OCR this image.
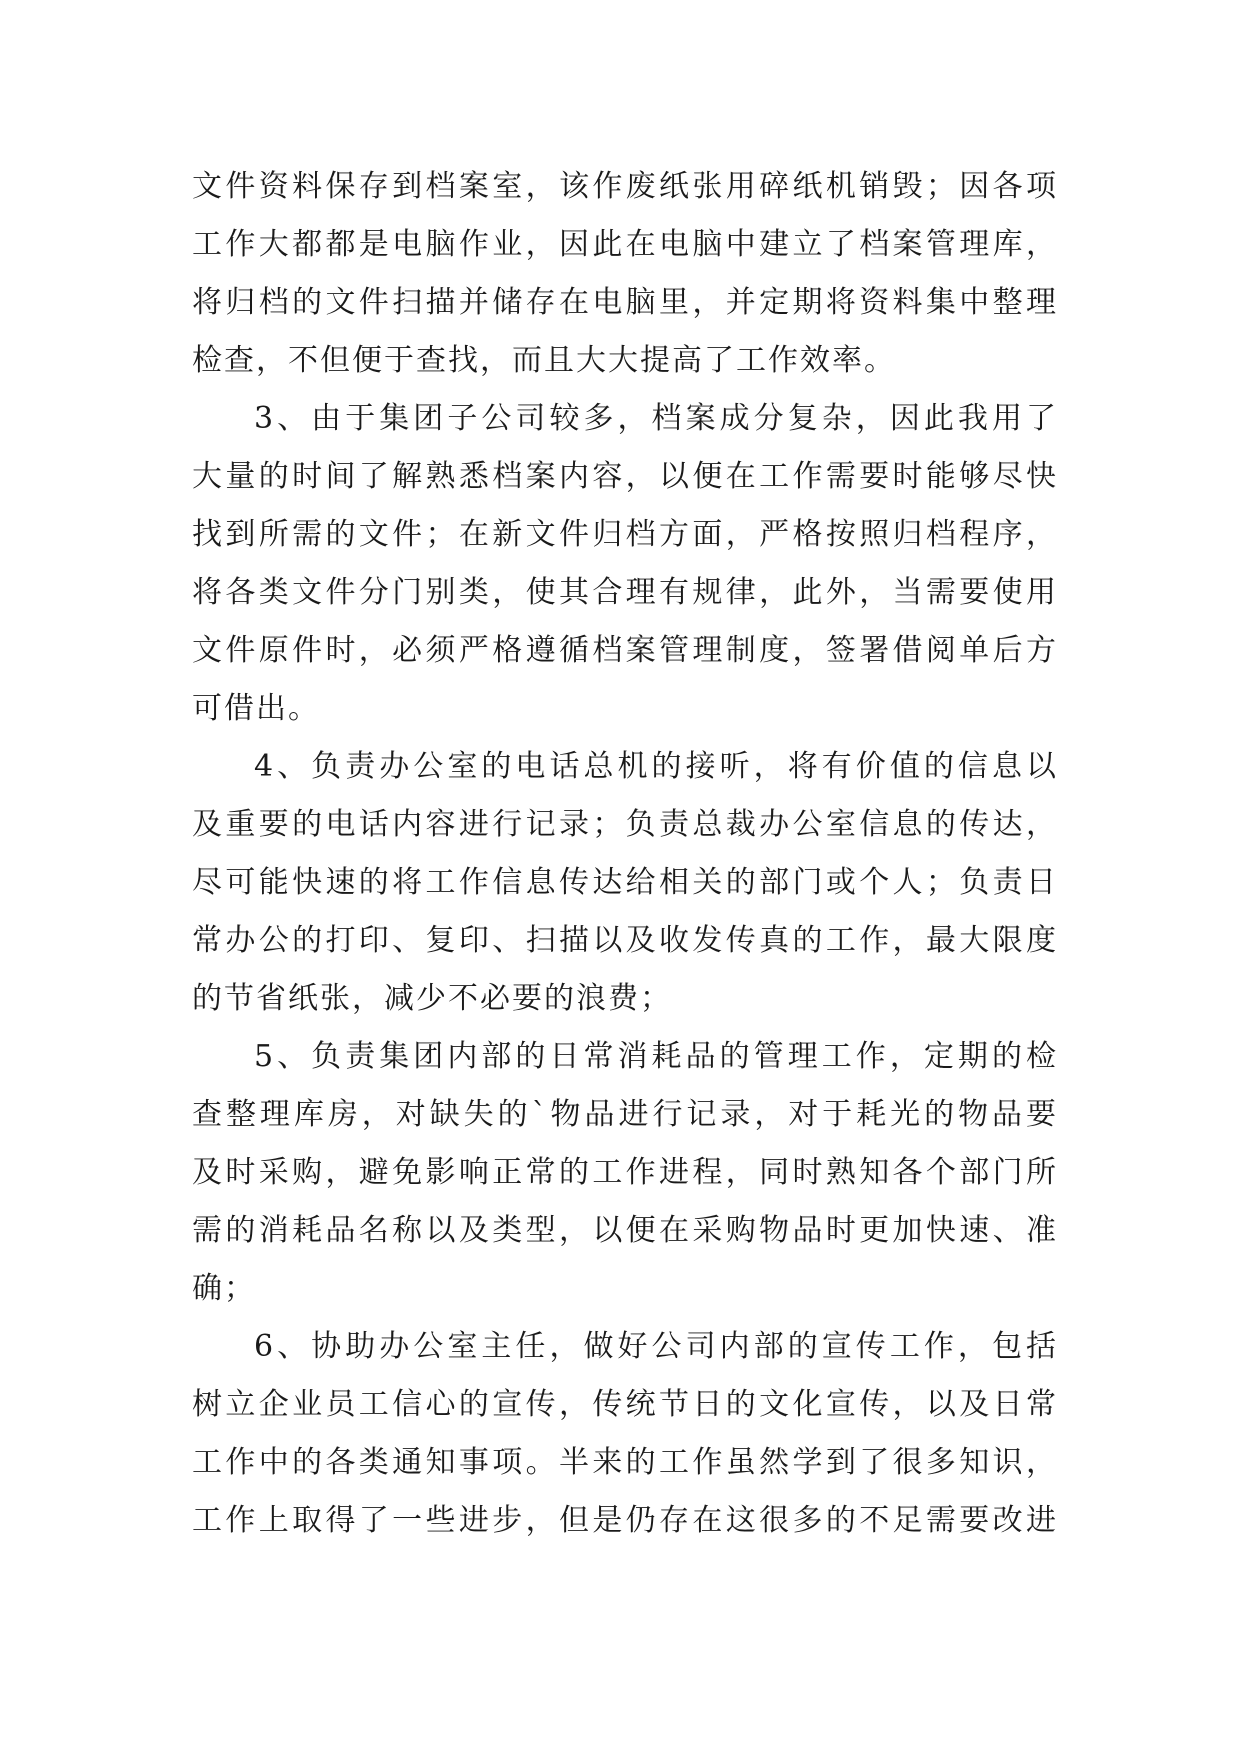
文件资料保存到档案室，该作废纸张用碎纸机销毁；因各项
工作大都都是电脑作业，因此在电脑中建立了档案管理库，
将归档的文件扫描并储存在电脑里，并定期将资料集中整理
检查，不但便于查找，而且大大提高了工作效率。
3、由于集团子公司较多，档案成分复杂，因此我用了
大量的时间了解熟悉档案内容，以便在工作需要时能够尽快
找到所需的文件；在新文件归档方面，严格按照归档程序，
将各类文件分门别类，使其合理有规律，此外，当需要使用
文件原件时，必须严格遵循档案管理制度，签署借阅单后方
可借出。
4、负责办公室的电话总机的接听，将有价值的信息以
及重要的电话内容进行记录；负责总裁办公室信息的传达，
尽可能快速的将工作信息传达给相关的部门或个人；负责日
常办公的打印、复印、扫描以及收发传真的工作，最大限度
的节省纸张，减少不必要的浪费；
5、负责集团内部的日常消耗品的管理工作，定期的检
查整理库房，对缺失的`物品进行记录，对于耗光的物品要
及时采购，避免影响正常的工作进程，同时熟知各个部门所
需的消耗品名称以及类型，以便在采购物品时更加快速、准
确；
6、协助办公室主任，做好公司内部的宣传工作，包括
树立企业员工信心的宣传，传统节日的文化宣传，以及日常
工作中的各类通知事项。半来的工作虽然学到了很多知识，
工作上取得了一些进步，但是仍存在这很多的不足需要改进
